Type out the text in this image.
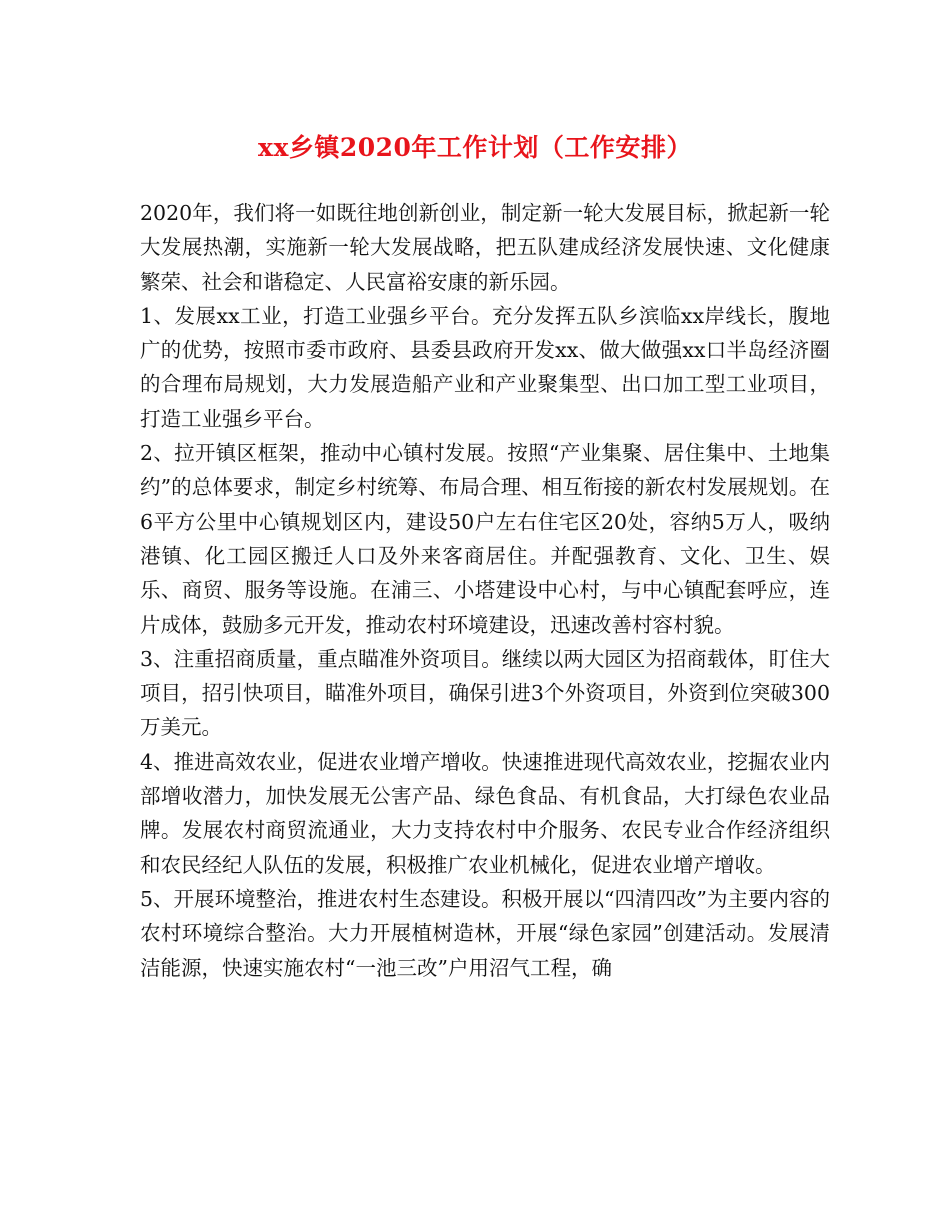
xx乡镇2020年工作计划（工作安排）

2020年，我们将一如既往地创新创业，制定新一轮大发展目标，掀起新一轮大发展热潮，实施新一轮大发展战略，把五队建成经济发展快速、文化健康繁荣、社会和谐稳定、人民富裕安康的新乐园。

1、发展xx工业，打造工业强乡平台。充分发挥五队乡滨临xx岸线长，腹地广的优势，按照市委市政府、县委县政府开发xx、做大做强xx口半岛经济圈的合理布局规划，大力发展造船产业和产业聚集型、出口加工型工业项目，打造工业强乡平台。

2、拉开镇区框架，推动中心镇村发展。按照“产业集聚、居住集中、土地集约”的总体要求，制定乡村统筹、布局合理、相互衔接的新农村发展规划。在6平方公里中心镇规划区内，建设50户左右住宅区20处，容纳5万人，吸纳港镇、化工园区搬迁人口及外来客商居住。并配强教育、文化、卫生、娱乐、商贸、服务等设施。在浦三、小塔建设中心村，与中心镇配套呼应，连片成体，鼓励多元开发，推动农村环境建设，迅速改善村容村貌。

3、注重招商质量，重点瞄准外资项目。继续以两大园区为招商载体，盯住大项目，招引快项目，瞄准外项目，确保引进3个外资项目，外资到位突破300万美元。

4、推进高效农业，促进农业增产增收。快速推进现代高效农业，挖掘农业内部增收潜力，加快发展无公害产品、绿色食品、有机食品，大打绿色农业品牌。发展农村商贸流通业，大力支持农村中介服务、农民专业合作经济组织和农民经纪人队伍的发展，积极推广农业机械化，促进农业增产增收。

5、开展环境整治，推进农村生态建设。积极开展以“四清四改”为主要内容的农村环境综合整治。大力开展植树造林，开展“绿色家园”创建活动。发展清洁能源，快速实施农村“一池三改”户用沼气工程，确
